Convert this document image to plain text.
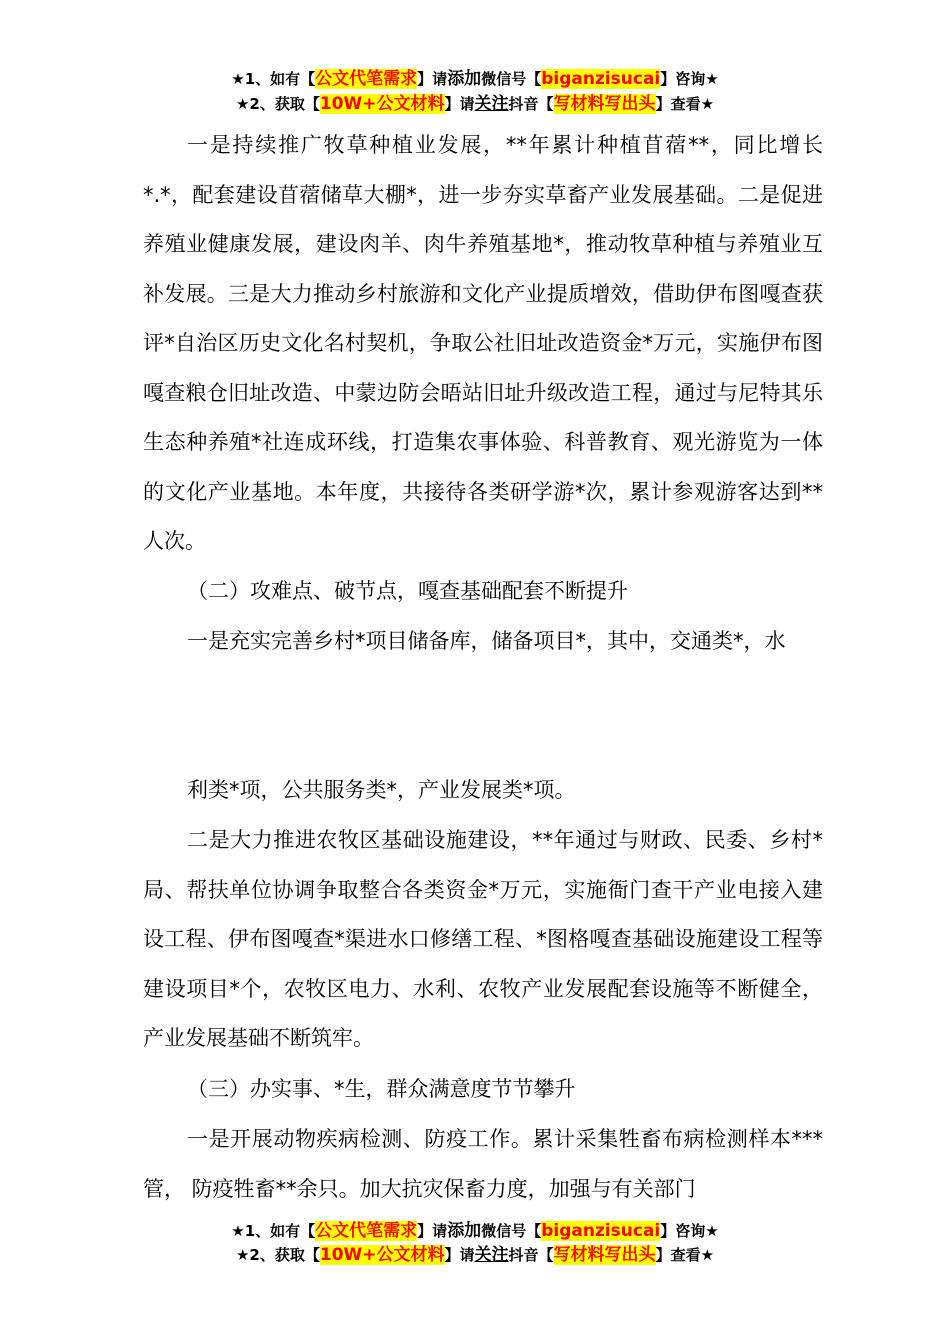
★1、如有【公文代笔需求】请添加微信号【biganzisucai】咨询★
★2、获取【10W+公文材料】请关注抖音【写材料写出头】查看★

一是持续推广牧草种植业发展，**年累计种植苜蓿**，同比增长*.*，配套建设苜蓿储草大棚*，进一步夯实草畜产业发展基础。二是促进养殖业健康发展，建设肉羊、肉牛养殖基地*，推动牧草种植与养殖业互补发展。三是大力推动乡村旅游和文化产业提质增效，借助伊布图嘎查获评*自治区历史文化名村契机，争取公社旧址改造资金*万元，实施伊布图嘎查粮仓旧址改造、中蒙边防会晤站旧址升级改造工程，通过与尼特其乐生态种养殖*社连成环线，打造集农事体验、科普教育、观光游览为一体的文化产业基地。本年度，共接待各类研学游*次，累计参观游客达到**人次。

（二）攻难点、破节点，嘎查基础配套不断提升

一是充实完善乡村*项目储备库，储备项目*，其中，交通类*，水

利类*项，公共服务类*，产业发展类*项。

二是大力推进农牧区基础设施建设，**年通过与财政、民委、乡村*局、帮扶单位协调争取整合各类资金*万元，实施衙门查干产业电接入建设工程、伊布图嘎查*渠进水口修缮工程、*图格嘎查基础设施建设工程等建设项目*个，农牧区电力、水利、农牧产业发展配套设施等不断健全，产业发展基础不断筑牢。

（三）办实事、*生，群众满意度节节攀升

一是开展动物疾病检测、防疫工作。累计采集牲畜布病检测样本***管， 防疫牲畜**余只。加大抗灾保畜力度，加强与有关部门

★1、如有【公文代笔需求】请添加微信号【biganzisucai】咨询★
★2、获取【10W+公文材料】请关注抖音【写材料写出头】查看★
